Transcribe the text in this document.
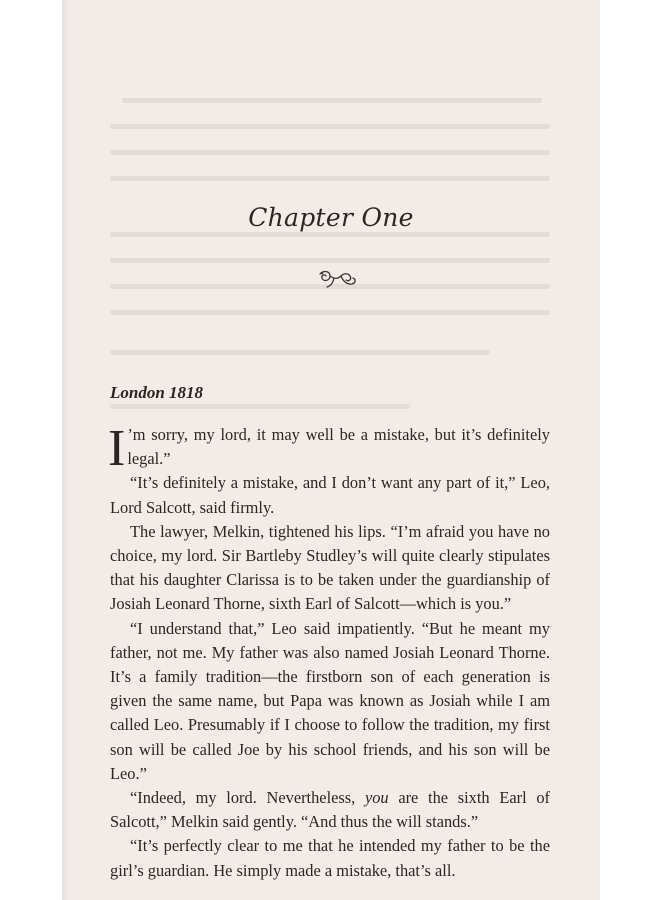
Chapter One
London 1818

I ’m sorry, my lord, it may well be a mistake, but it’s definitely legal.”

“It’s definitely a mistake, and I don’t want any part of it,” Leo, Lord Salcott, said firmly.

The lawyer, Melkin, tightened his lips. “I’m afraid you have no choice, my lord. Sir Bartleby Studley’s will quite clearly stipulates that his daughter Clarissa is to be taken under the guardianship of Josiah Leonard Thorne, sixth Earl of Salcott—which is you.”

“I understand that,” Leo said impatiently. “But he meant my father, not me. My father was also named Josiah Leonard Thorne. It’s a family tradition—the firstborn son of each generation is given the same name, but Papa was known as Josiah while I am called Leo. Presumably if I choose to follow the tradition, my first son will be called Joe by his school friends, and his son will be Leo.”

“Indeed, my lord. Nevertheless, you are the sixth Earl of Salcott,” Melkin said gently. “And thus the will stands.”

“It’s perfectly clear to me that he intended my father to be the girl’s guardian. He simply made a mistake, that’s all.
